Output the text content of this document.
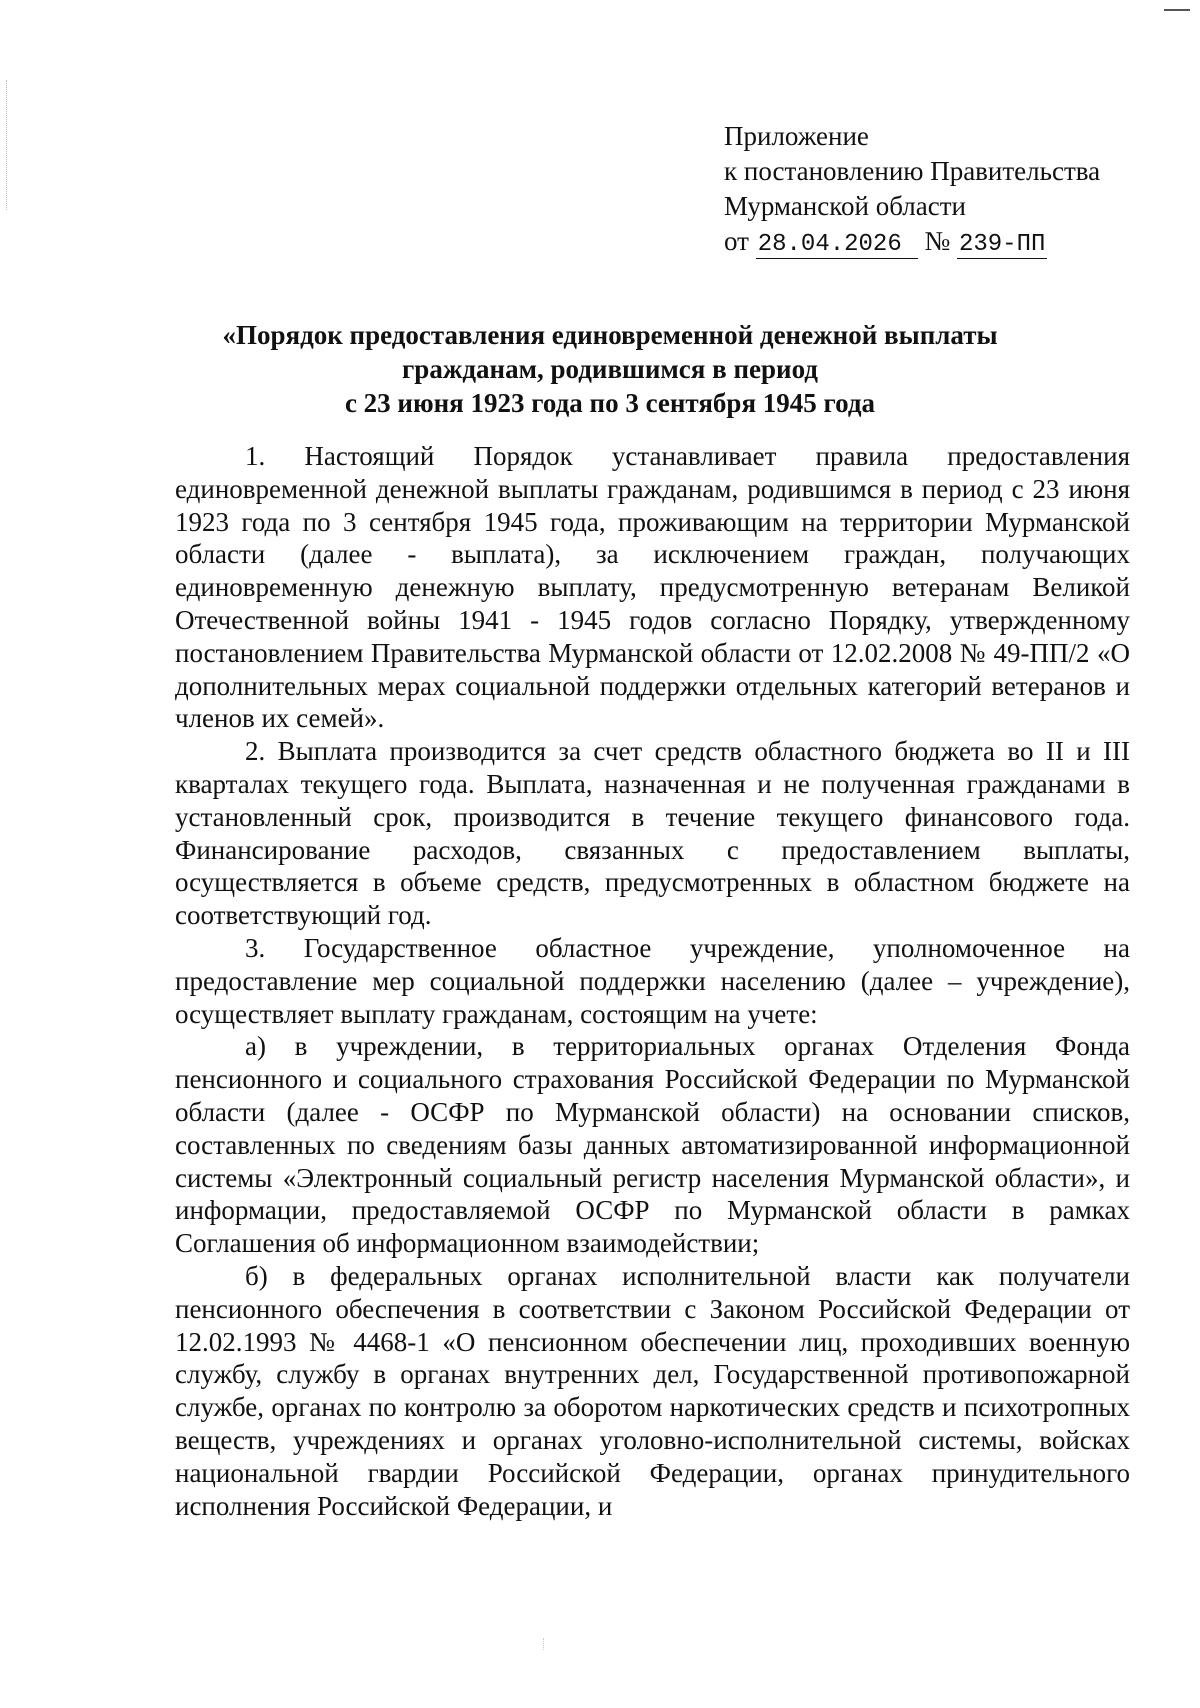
Приложение
к постановлению Правительства
Мурманской области
от 28.04.2026 № 239-ПП
«Порядок предоставления единовременной денежной выплаты
гражданам, родившимся в период
с 23 июня 1923 года по 3 сентября 1945 года

1. Настоящий Порядок устанавливает правила предоставления единовременной денежной выплаты гражданам, родившимся в период с 23 июня 1923 года по 3 сентября 1945 года, проживающим на территории Мурманской области (далее - выплата), за исключением граждан, получающих единовременную денежную выплату, предусмотренную ветеранам Великой Отечественной войны 1941 - 1945 годов согласно Порядку, утвержденному постановлением Правительства Мурманской области от 12.02.2008 № 49-ПП/2 «О дополнительных мерах социальной поддержки отдельных категорий ветеранов и членов их семей».

2. Выплата производится за счет средств областного бюджета во II и III кварталах текущего года. Выплата, назначенная и не полученная гражданами в установленный срок, производится в течение текущего финансового года. Финансирование расходов, связанных с предоставлением выплаты, осуществляется в объеме средств, предусмотренных в областном бюджете на соответствующий год.

3. Государственное областное учреждение, уполномоченное на предоставление мер социальной поддержки населению (далее – учреждение), осуществляет выплату гражданам, состоящим на учете:

а) в учреждении, в территориальных органах Отделения Фонда пенсионного и социального страхования Российской Федерации по Мурманской области (далее - ОСФР по Мурманской области) на основании списков, составленных по сведениям базы данных автоматизированной информационной системы «Электронный социальный регистр населения Мурманской области», и информации, предоставляемой ОСФР по Мурманской области в рамках Соглашения об информационном взаимодействии;

б) в федеральных органах исполнительной власти как получатели пенсионного обеспечения в соответствии с Законом Российской Федерации от 12.02.1993 № 4468-1 «О пенсионном обеспечении лиц, проходивших военную службу, службу в органах внутренних дел, Государственной противопожарной службе, органах по контролю за оборотом наркотических средств и психотропных веществ, учреждениях и органах уголовно-исполнительной системы, войсках национальной гвардии Российской Федерации, органах принудительного исполнения Российской Федерации, и
